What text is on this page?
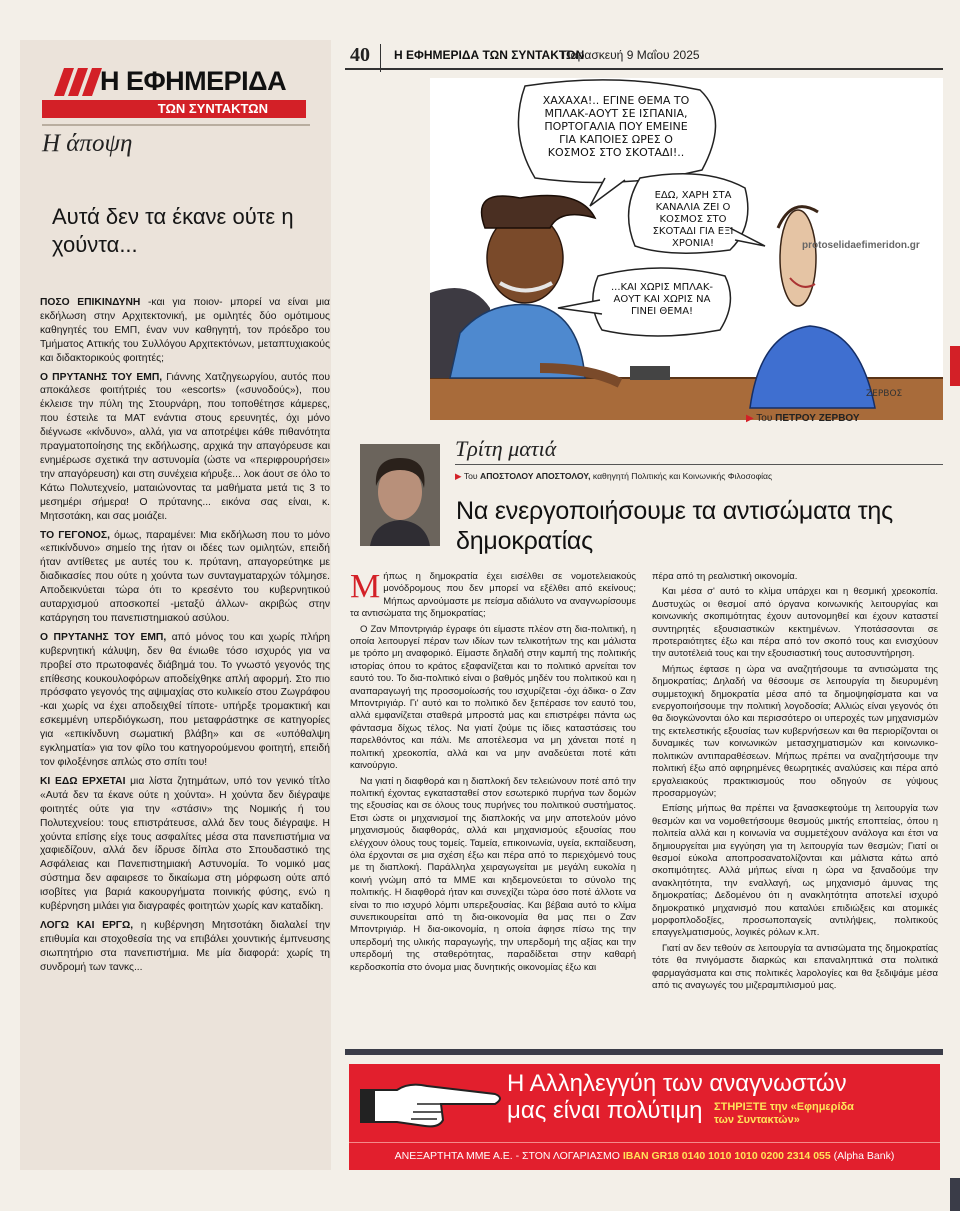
Η ΕΦΗΜΕΡΙΔΑ
ΤΩΝ ΣΥΝΤΑΚΤΩΝ
Η άποψη
Αυτά δεν τα έκανε ούτε η χούντα...

ΠΟΣΟ ΕΠΙΚΙΝΔΥΝΗ -και για ποιον- μπορεί να είναι μια εκδήλωση στην Αρχιτεκτονική, με ομιλητές δύο ομότιμους καθηγητές του ΕΜΠ, έναν νυν καθηγητή, τον πρόεδρο του Τμήματος Αττικής του Συλλόγου Αρχιτεκτόνων, μεταπτυχιακούς και διδακτορικούς φοιτητές;

Ο ΠΡΥΤΑΝΗΣ ΤΟΥ ΕΜΠ, Γιάννης Χατζηγεωργίου, αυτός που αποκάλεσε φοιτήτριές του «escorts» («συνοδούς»), που έκλεισε την πύλη της Στουρνάρη, που τοποθέτησε κάμερες, που έστειλε τα ΜΑΤ ενάντια στους ερευνητές, όχι μόνο διέγνωσε «κίνδυνο», αλλά, για να αποτρέψει κάθε πιθανότητα πραγματοποίησης της εκδήλωσης, αρχικά την απαγόρευσε και ενημέρωσε σχετικά την αστυνομία (ώστε να «περιφρουρήσει» την απαγόρευση) και στη συνέχεια κήρυξε... λοκ άουτ σε όλο το Κάτω Πολυτεχνείο, ματαιώνοντας τα μαθήματα μετά τις 3 το μεσημέρι σήμερα! Ο πρύτανης... εικόνα σας είναι, κ. Μητσοτάκη, και σας μοιάζει.

ΤΟ ΓΕΓΟΝΟΣ, όμως, παραμένει: Μια εκδήλωση που το μόνο «επικίνδυνο» σημείο της ήταν οι ιδέες των ομιλητών, επειδή ήταν αντίθετες με αυτές του κ. πρύτανη, απαγορεύτηκε με διαδικασίες που ούτε η χούντα των συνταγματαρχών τόλμησε. Αποδεικνύεται τώρα ότι το κρεσέντο του κυβερνητικού αυταρχισμού αποσκοπεί -μεταξύ άλλων- ακριβώς στην κατάργηση του πανεπιστημιακού ασύλου.

Ο ΠΡΥΤΑΝΗΣ ΤΟΥ ΕΜΠ, από μόνος του και χωρίς πλήρη κυβερνητική κάλυψη, δεν θα ένιωθε τόσο ισχυρός για να προβεί στο πρωτοφανές διάβημά του. Το γνωστό γεγονός της επίθεσης κουκουλοφόρων αποδείχθηκε απλή αφορμή. Στο πιο πρόσφατο γεγονός της αψιμαχίας στο κυλικείο στου Ζωγράφου -και χωρίς να έχει αποδειχθεί τίποτε- υπήρξε τρομακτική και εσκεμμένη υπερδιόγκωση, που μεταφράστηκε σε κατηγορίες για «επικίνδυνη σωματική βλάβη» και σε «υπόθαλψη εγκληματία» για τον φίλο του κατηγορούμενου φοιτητή, επειδή τον φιλοξένησε απλώς στο σπίτι του!

ΚΙ ΕΔΩ ΕΡΧΕΤΑΙ μια λίστα ζητημάτων, υπό τον γενικό τίτλο «Αυτά δεν τα έκανε ούτε η χούντα». Η χούντα δεν διέγραψε φοιτητές ούτε για την «στάσιν» της Νομικής ή του Πολυτεχνείου: τους επιστράτευσε, αλλά δεν τους διέγραψε. Η χούντα επίσης είχε τους ασφαλίτες μέσα στα πανεπιστήμια να χαφιεδίζουν, αλλά δεν ίδρυσε δίπλα στο Σπουδαστικό της Ασφάλειας και Πανεπιστημιακή Αστυνομία. Το νομικό μας σύστημα δεν αφαιρεσε το δικαίωμα στη μόρφωση ούτε από ισοβίτες για βαριά κακουργήματα ποινικής φύσης, ενώ η κυβέρνηση μιλάει για διαγραφές φοιτητών χωρίς καν καταδίκη.

ΛΟΓΩ ΚΑΙ ΕΡΓΩ, η κυβέρνηση Μητσοτάκη διαλαλεί την επιθυμία και στοχοθεσία της να επιβάλει χουντικής έμπνευσης σιωπητήριο στα πανεπιστήμια. Με μία διαφορά: χωρίς τη συνδρομή των τανκς...

40 Η ΕΦΗΜΕΡΙΔΑ ΤΩΝ ΣΥΝΤΑΚΤΩΝ
Παρασκευή 9 Μαΐου 2025
ΖΕΡΒΟΣ
ΧΑΧΑΧΑ!.. ΕΓΙΝΕ ΘΕΜΑ ΤΟ ΜΠΛΑΚ-ΑΟΥΤ ΣΕ ΙΣΠΑΝΙΑ, ΠΟΡΤΟΓΑΛΙΑ ΠΟΥ ΕΜΕΙΝΕ ΓΙΑ ΚΑΠΟΙΕΣ ΩΡΕΣ Ο ΚΟΣΜΟΣ ΣΤΟ ΣΚΟΤΑΔΙ!..
ΕΔΩ, ΧΑΡΗ ΣΤΑ ΚΑΝΑΛΙΑ ΖΕΙ Ο ΚΟΣΜΟΣ ΣΤΟ ΣΚΟΤΑΔΙ ΓΙΑ ΕΞΙ ΧΡΟΝΙΑ!
...ΚΑΙ ΧΩΡΙΣ ΜΠΛΑΚ-ΑΟΥΤ ΚΑΙ ΧΩΡΙΣ ΝΑ ΓΙΝΕΙ ΘΕΜΑ!
protoselidaefimeridon.gr
▶ Του ΠΕΤΡΟΥ ΖΕΡΒΟΥ
Τρίτη ματιά
▶ Του ΑΠΟΣΤΟΛΟΥ ΑΠΟΣΤΟΛΟΥ, καθηγητή Πολιτικής και Κοινωνικής Φιλοσοφίας
Να ενεργοποιήσουμε τα αντισώματα της δημοκρατίας

Μήπως η δημοκρατία έχει εισέλθει σε νομοτελειακούς μονόδρομους που δεν μπορεί να εξέλθει από εκείνους; Μήπως αρνούμαστε με πείσμα αδιάλυτο να αναγνωρίσουμε τα αντισώματα της δημοκρατίας;

Ο Ζαν Μποντριγιάρ έγραφε ότι είμαστε πλέον στη δια-πολιτική, η οποία λειτουργεί πέραν των ιδίων των τελικοτήτων της και μάλιστα με τρόπο μη αναφορικό. Είμαστε δηλαδή στην καμπή της πολιτικής ιστορίας όπου το κράτος εξαφανίζεται και το πολιτικό αρνείται τον εαυτό του. Το δια-πολιτικό είναι ο βαθμός μηδέν του πολιτικού και η αναπαραγωγή της προσομοίωσής του ισχυρίζεται -όχι άδικα- ο Ζαν Μποντριγιάρ. Γι' αυτό και το πολιτικό δεν ξεπέρασε τον εαυτό του, αλλά εμφανίζεται σταθερά μπροστά μας και επιστρέφει πάντα ως φάντασμα δίχως τέλος. Να γιατί ζούμε τις ίδιες καταστάσεις του παρελθόντος και πάλι. Με αποτέλεσμα να μη χάνεται ποτέ η πολιτική χρεοκοπία, αλλά και να μην αναδεύεται ποτέ κάτι καινούργιο.

Να γιατί η διαφθορά και η διαπλοκή δεν τελειώνουν ποτέ από την πολιτική έχοντας εγκατασταθεί στον εσωτερικό πυρήνα των δομών της εξουσίας και σε όλους τους πυρήνες του πολιτικού συστήματος. Ετσι ώστε οι μηχανισμοί της διαπλοκής να μην αποτελούν μόνο μηχανισμούς διαφθοράς, αλλά και μηχανισμούς εξουσίας που ελέγχουν όλους τους τομείς. Ταμεία, επικοινωνία, υγεία, εκπαίδευση, όλα έρχονται σε μια σχέση έξω και πέρα από το περιεχόμενό τους με τη διαπλοκή. Παράλληλα χειραγωγείται με μεγάλη ευκολία η κοινή γνώμη από τα ΜΜΕ και κηδεμονεύεται το σύνολο της πολιτικής. Η διαφθορά ήταν και συνεχίζει τώρα όσο ποτέ άλλοτε να είναι το πιο ισχυρό λόμπι υπερεξουσίας. Και βέβαια αυτό το κλίμα συνεπικουρείται από τη δια-οικονομία θα μας πει ο Ζαν Μποντριγιάρ. Η δια-οικονομία, η οποία άφησε πίσω της την υπερδομή της υλικής παραγωγής, την υπερδομή της αξίας και την υπερδομή της σταθερότητας, παραδίδεται στην καθαρή κερδοσκοπία στο όνομα μιας δυνητικής οικονομίας έξω και

πέρα από τη ρεαλιστική οικονομία.

Και μέσα σ' αυτό το κλίμα υπάρχει και η θεσμική χρεοκοπία. Δυστυχώς οι θεσμοί από όργανα κοινωνικής λειτουργίας και κοινωνικής σκοπιμότητας έχουν αυτονομηθεί και έχουν καταστεί συντηρητές εξουσιαστικών κεκτημένων. Υποτάσσονται σε προτεραιότητες έξω και πέρα από τον σκοπό τους και ενισχύουν την αυτοτέλειά τους και την εξουσιαστική τους αυτοσυντήρηση.

Μήπως έφτασε η ώρα να αναζητήσουμε τα αντισώματα της δημοκρατίας; Δηλαδή να θέσουμε σε λειτουργία τη διευρυμένη συμμετοχική δημοκρατία μέσα από τα δημοψηφίσματα και να ενεργοποιήσουμε την πολιτική λογοδοσία; Αλλιώς είναι γεγονός ότι θα διογκώνονται όλο και περισσότερο οι υπεροχές των μηχανισμών της εκτελεστικής εξουσίας των κυβερνήσεων και θα περιορίζονται οι δυναμικές των κοινωνικών μετασχηματισμών και κοινωνικο-πολιτικών αντιπαραθέσεων. Μήπως πρέπει να αναζητήσουμε την πολιτική έξω από αφηρημένες θεωρητικές αναλύσεις και πέρα από εργαλειακούς πρακτικισμούς που οδηγούν σε γύψους προσαρμογών;

Επίσης μήπως θα πρέπει να ξανασκεφτούμε τη λειτουργία των θεσμών και να νομοθετήσουμε θεσμούς μικτής εποπτείας, όπου η πολιτεία αλλά και η κοινωνία να συμμετέχουν ανάλογα και έτσι να δημιουργείται μια εγγύηση για τη λειτουργία των θεσμών; Γιατί οι θεσμοί εύκολα αποπροσανατολίζονται και μάλιστα κάτω από σκοπιμότητες. Αλλά μήπως είναι η ώρα να ξαναδούμε την ανακλητότητα, την εναλλαγή, ως μηχανισμό άμυνας της δημοκρατίας; Δεδομένου ότι η ανακλητότητα αποτελεί ισχυρό δημοκρατικό μηχανισμό που καταλύει επιδιώξεις και ατομικές μορφοπλοδοξίες, προσωποπαγείς αντιλήψεις, πολιτικούς επαγγελματισμούς, λογικές ρόλων κ.λπ.

Γιατί αν δεν τεθούν σε λειτουργία τα αντισώματα της δημοκρατίας τότε θα πνιγόμαστε διαρκώς και επαναληπτικά στα πολιτικά φαρμαγάσματα και στις πολιτικές λαρολογίες και θα ξεδιψάμε μέσα από τις αναγωγές του μιζεραμπιλισμού μας.

Η Αλληλεγγύη των αναγνωστών
μας είναι πολύτιμη	ΣΤΗΡΙΞΤΕ την «Εφημερίδα
των Συντακτών»
ΑΝΕΞΑΡΤΗΤΑ ΜΜΕ Α.Ε. - ΣΤΟΝ ΛΟΓΑΡΙΑΣΜΟ IBAN GR18 0140 1010 1010 0200 2314 055 (Alpha Bank)
